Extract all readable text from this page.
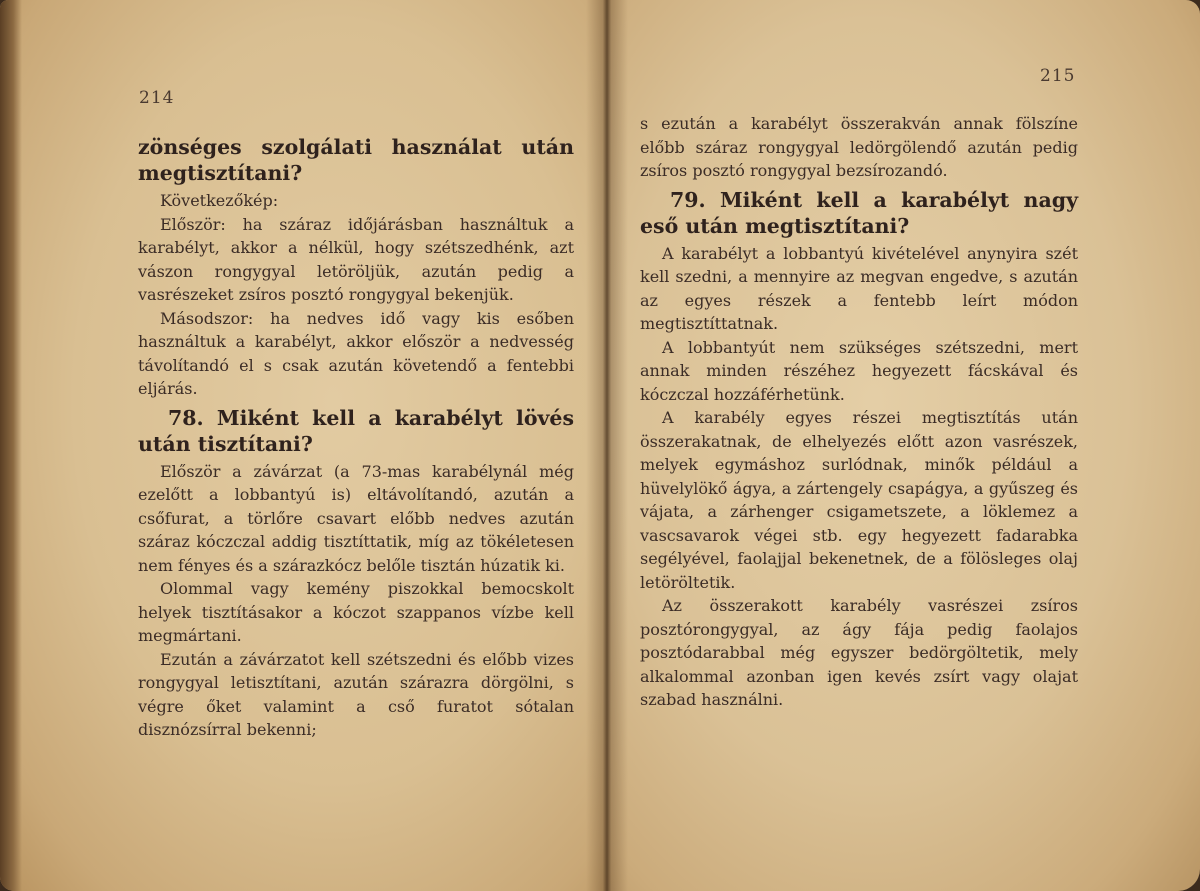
214
zönséges szolgálati használat után megtisztítani?

Következőkép:

Először: ha száraz időjárásban használtuk a karabélyt, akkor a nélkül, hogy szétszedhénk, azt vászon rongygyal letöröljük, azután pedig a vasrészeket zsíros posztó rongygyal bekenjük.

Másodszor: ha nedves idő vagy kis esőben használtuk a karabélyt, akkor először a nedvesség távolítandó el s csak azután követendő a fentebbi eljárás.

78. Miként kell a karabélyt lövés után tisztítani?

Először a závárzat (a 73-mas karabélynál még ezelőtt a lobbantyú is) eltávolítandó, azután a csőfurat, a törlőre csavart előbb nedves azután száraz kóczczal addig tisztíttatik, míg az tökéletesen nem fényes és a szárazkócz belőle tisztán húzatik ki.

Olommal vagy kemény piszokkal bemocskolt helyek tisztításakor a kóczot szappanos vízbe kell megmártani.

Ezután a závárzatot kell szétszedni és előbb vizes rongygyal letisztítani, azután szárazra dörgölni, s végre őket valamint a cső furatot sótalan disznózsírral bekenni;

215

s ezután a karabélyt összerakván annak fölszíne előbb száraz rongygyal ledörgölendő azután pedig zsíros posztó rongygyal bezsírozandó.

79. Miként kell a karabélyt nagy eső után megtisztítani?

A karabélyt a lobbantyú kivételével anynyira szét kell szedni, a mennyire az megvan engedve, s azután az egyes részek a fentebb leírt módon megtisztíttatnak.

A lobbantyút nem szükséges szétszedni, mert annak minden részéhez hegyezett fácskával és kóczczal hozzáférhetünk.

A karabély egyes részei megtisztítás után összerakatnak, de elhelyezés előtt azon vasrészek, melyek egymáshoz surlódnak, minők például a hüvelylökő ágya, a zártengely csapágya, a gyűszeg és vájata, a zárhenger csigametszete, a löklemez a vascsavarok végei stb. egy hegyezett fadarabka segélyével, faolajjal bekenetnek, de a fölösleges olaj letöröltetik.

Az összerakott karabély vasrészei zsíros posztórongygyal, az ágy fája pedig faolajos posztódarabbal még egyszer bedörgöltetik, mely alkalommal azonban igen kevés zsírt vagy olajat szabad használni.
